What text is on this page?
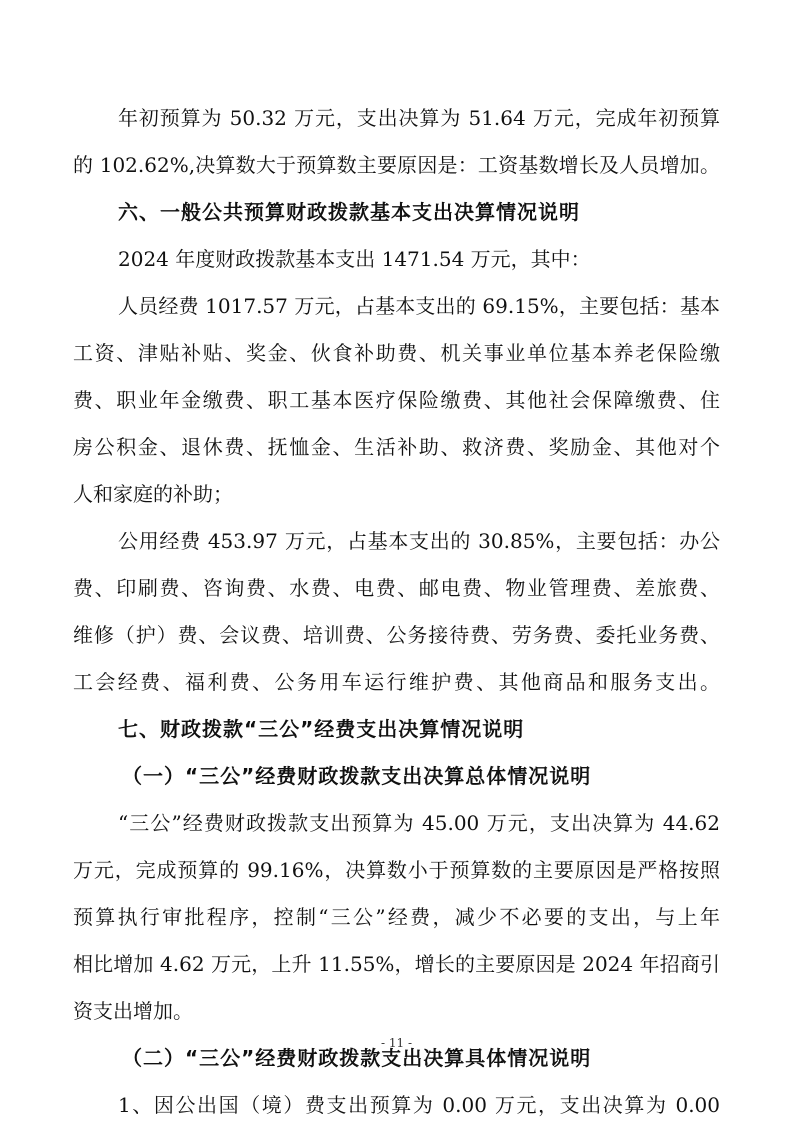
年初预算为 50.32 万元，支出决算为 51.64 万元，完成年初预算
的 102.62%,决算数大于预算数主要原因是：工资基数增长及人员增加。
六、一般公共预算财政拨款基本支出决算情况说明
2024 年度财政拨款基本支出 1471.54 万元，其中：
人员经费 1017.57 万元，占基本支出的 69.15%，主要包括：基本
工资、津贴补贴、奖金、伙食补助费、机关事业单位基本养老保险缴
费、职业年金缴费、职工基本医疗保险缴费、其他社会保障缴费、住
房公积金、退休费、抚恤金、生活补助、救济费、奖励金、其他对个
人和家庭的补助；
公用经费 453.97 万元，占基本支出的 30.85%，主要包括：办公
费、印刷费、咨询费、水费、电费、邮电费、物业管理费、差旅费、
维修（护）费、会议费、培训费、公务接待费、劳务费、委托业务费、
工会经费、福利费、公务用车运行维护费、其他商品和服务支出。
七、财政拨款“三公”经费支出决算情况说明
（一）“三公”经费财政拨款支出决算总体情况说明
“三公”经费财政拨款支出预算为 45.00 万元，支出决算为 44.62
万元，完成预算的 99.16%，决算数小于预算数的主要原因是严格按照
预算执行审批程序，控制“三公”经费，减少不必要的支出，与上年
相比增加 4.62 万元，上升 11.55%，增长的主要原因是 2024 年招商引
资支出增加。
（二）“三公”经费财政拨款支出决算具体情况说明
1、因公出国（境）费支出预算为 0.00 万元，支出决算为 0.00
- 11 -
